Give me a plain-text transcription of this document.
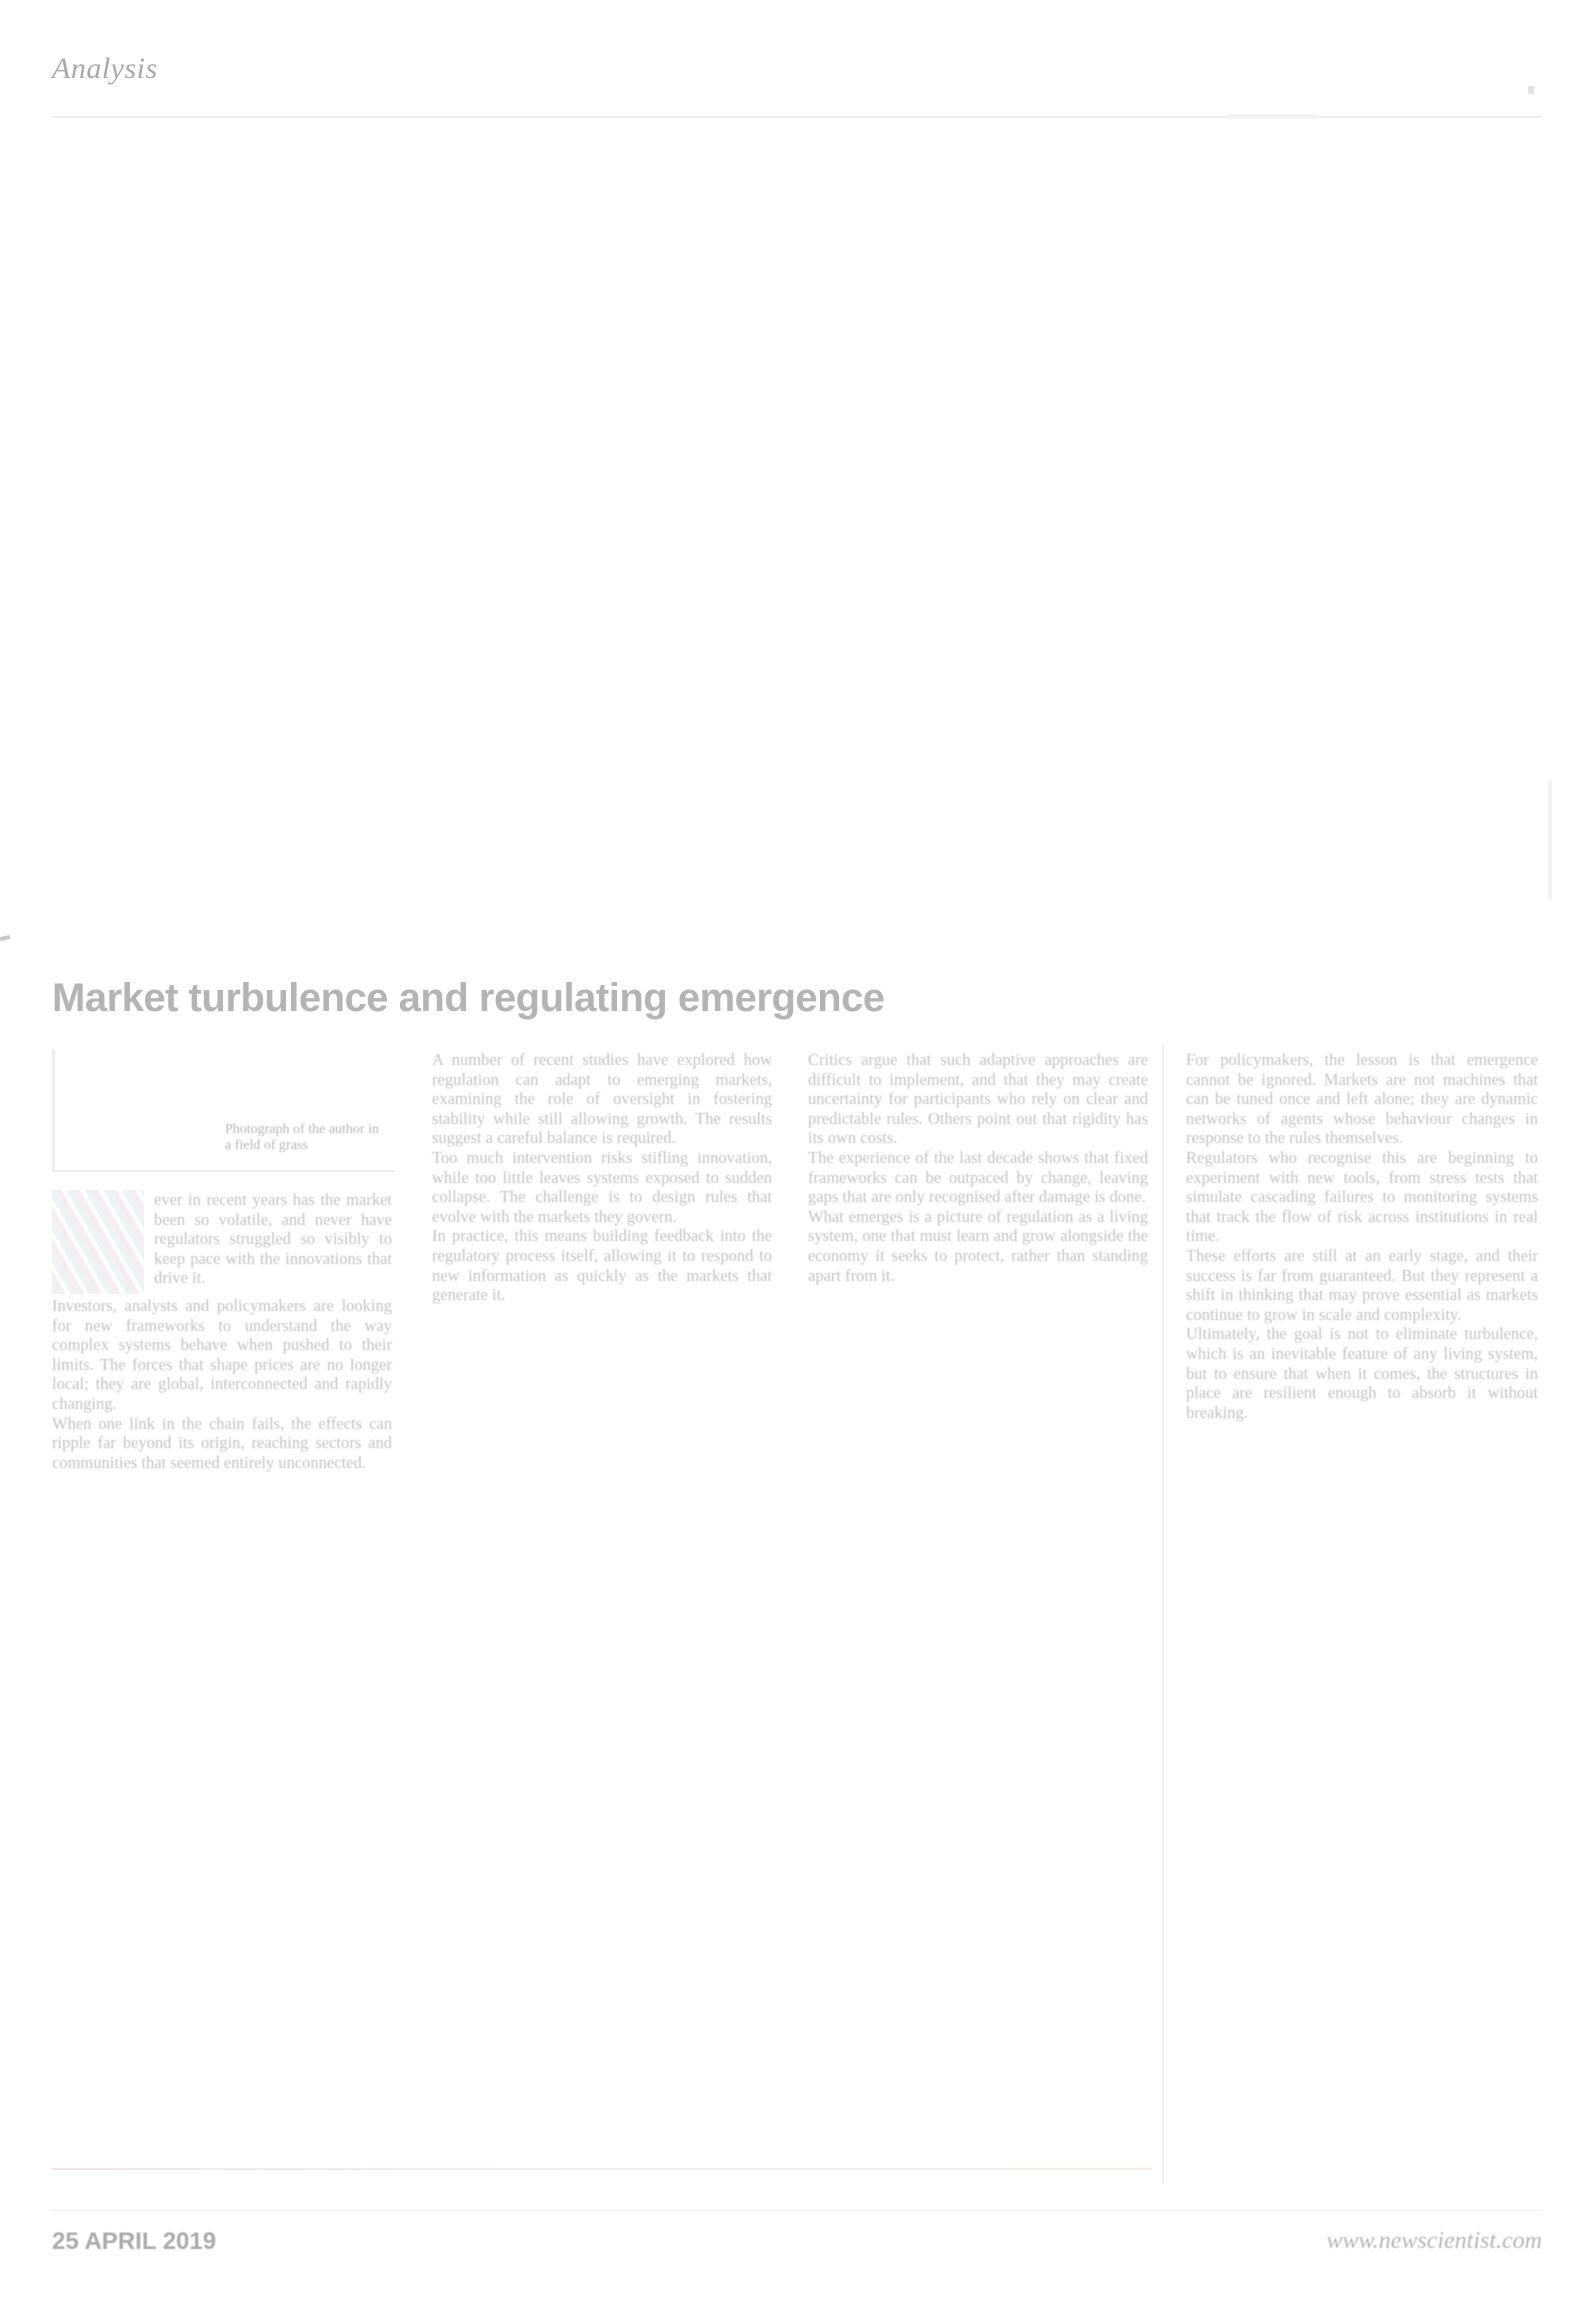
Analysis
Market turbulence and regulating emergence
Photograph of the author in a field of grass

ever in recent years has the market been so volatile, and never have regulators struggled so visibly to keep pace with the innovations that drive it.

Investors, analysts and policymakers are looking for new frameworks to understand the way complex systems behave when pushed to their limits. The forces that shape prices are no longer local; they are global, interconnected and rapidly changing.

When one link in the chain fails, the effects can ripple far beyond its origin, reaching sectors and communities that seemed entirely unconnected.

A number of recent studies have explored how regulation can adapt to emerging markets, examining the role of oversight in fostering stability while still allowing growth. The results suggest a careful balance is required.

Too much intervention risks stifling innovation, while too little leaves systems exposed to sudden collapse. The challenge is to design rules that evolve with the markets they govern.

In practice, this means building feedback into the regulatory process itself, allowing it to respond to new information as quickly as the markets that generate it.

Critics argue that such adaptive approaches are difficult to implement, and that they may create uncertainty for participants who rely on clear and predictable rules. Others point out that rigidity has its own costs.

The experience of the last decade shows that fixed frameworks can be outpaced by change, leaving gaps that are only recognised after damage is done.

What emerges is a picture of regulation as a living system, one that must learn and grow alongside the economy it seeks to protect, rather than standing apart from it.

For policymakers, the lesson is that emergence cannot be ignored. Markets are not machines that can be tuned once and left alone; they are dynamic networks of agents whose behaviour changes in response to the rules themselves.

Regulators who recognise this are beginning to experiment with new tools, from stress tests that simulate cascading failures to monitoring systems that track the flow of risk across institutions in real time.

These efforts are still at an early stage, and their success is far from guaranteed. But they represent a shift in thinking that may prove essential as markets continue to grow in scale and complexity.

Ultimately, the goal is not to eliminate turbulence, which is an inevitable feature of any living system, but to ensure that when it comes, the structures in place are resilient enough to absorb it without breaking.

25 APRIL 2019	www.newscientist.com
